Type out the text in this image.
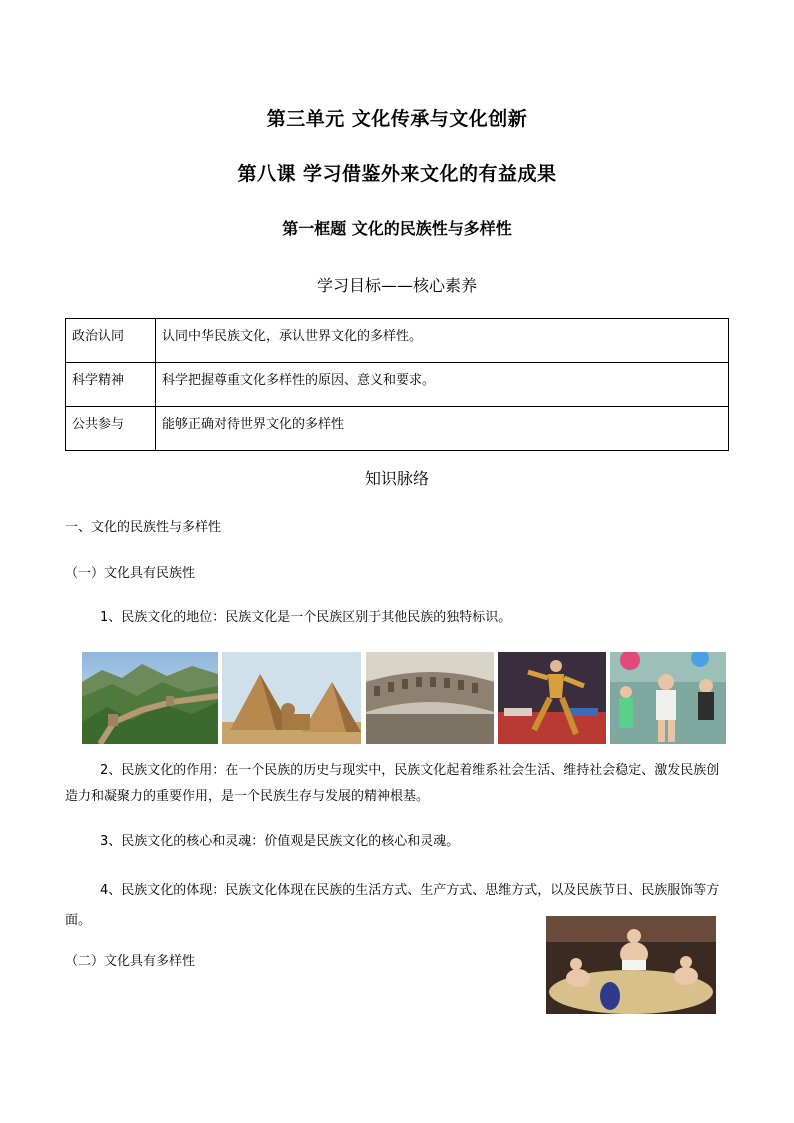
第三单元 文化传承与文化创新
第八课 学习借鉴外来文化的有益成果
第一框题 文化的民族性与多样性
学习目标——核心素养
政治认同	认同中华民族文化，承认世界文化的多样性。
科学精神	科学把握尊重文化多样性的原因、意义和要求。
公共参与	能够正确对待世界文化的多样性
知识脉络
一、文化的民族性与多样性
（一）文化具有民族性
1、民族文化的地位：民族文化是一个民族区别于其他民族的独特标识。
2、民族文化的作用：在一个民族的历史与现实中，民族文化起着维系社会生活、维持社会稳定、激发民族创造力和凝聚力的重要作用，是一个民族生存与发展的精神根基。
3、民族文化的核心和灵魂：价值观是民族文化的核心和灵魂。
4、民族文化的体现：民族文化体现在民族的生活方式、生产方式、思维方式，以及民族节日、民族服饰等方面。
（二）文化具有多样性
